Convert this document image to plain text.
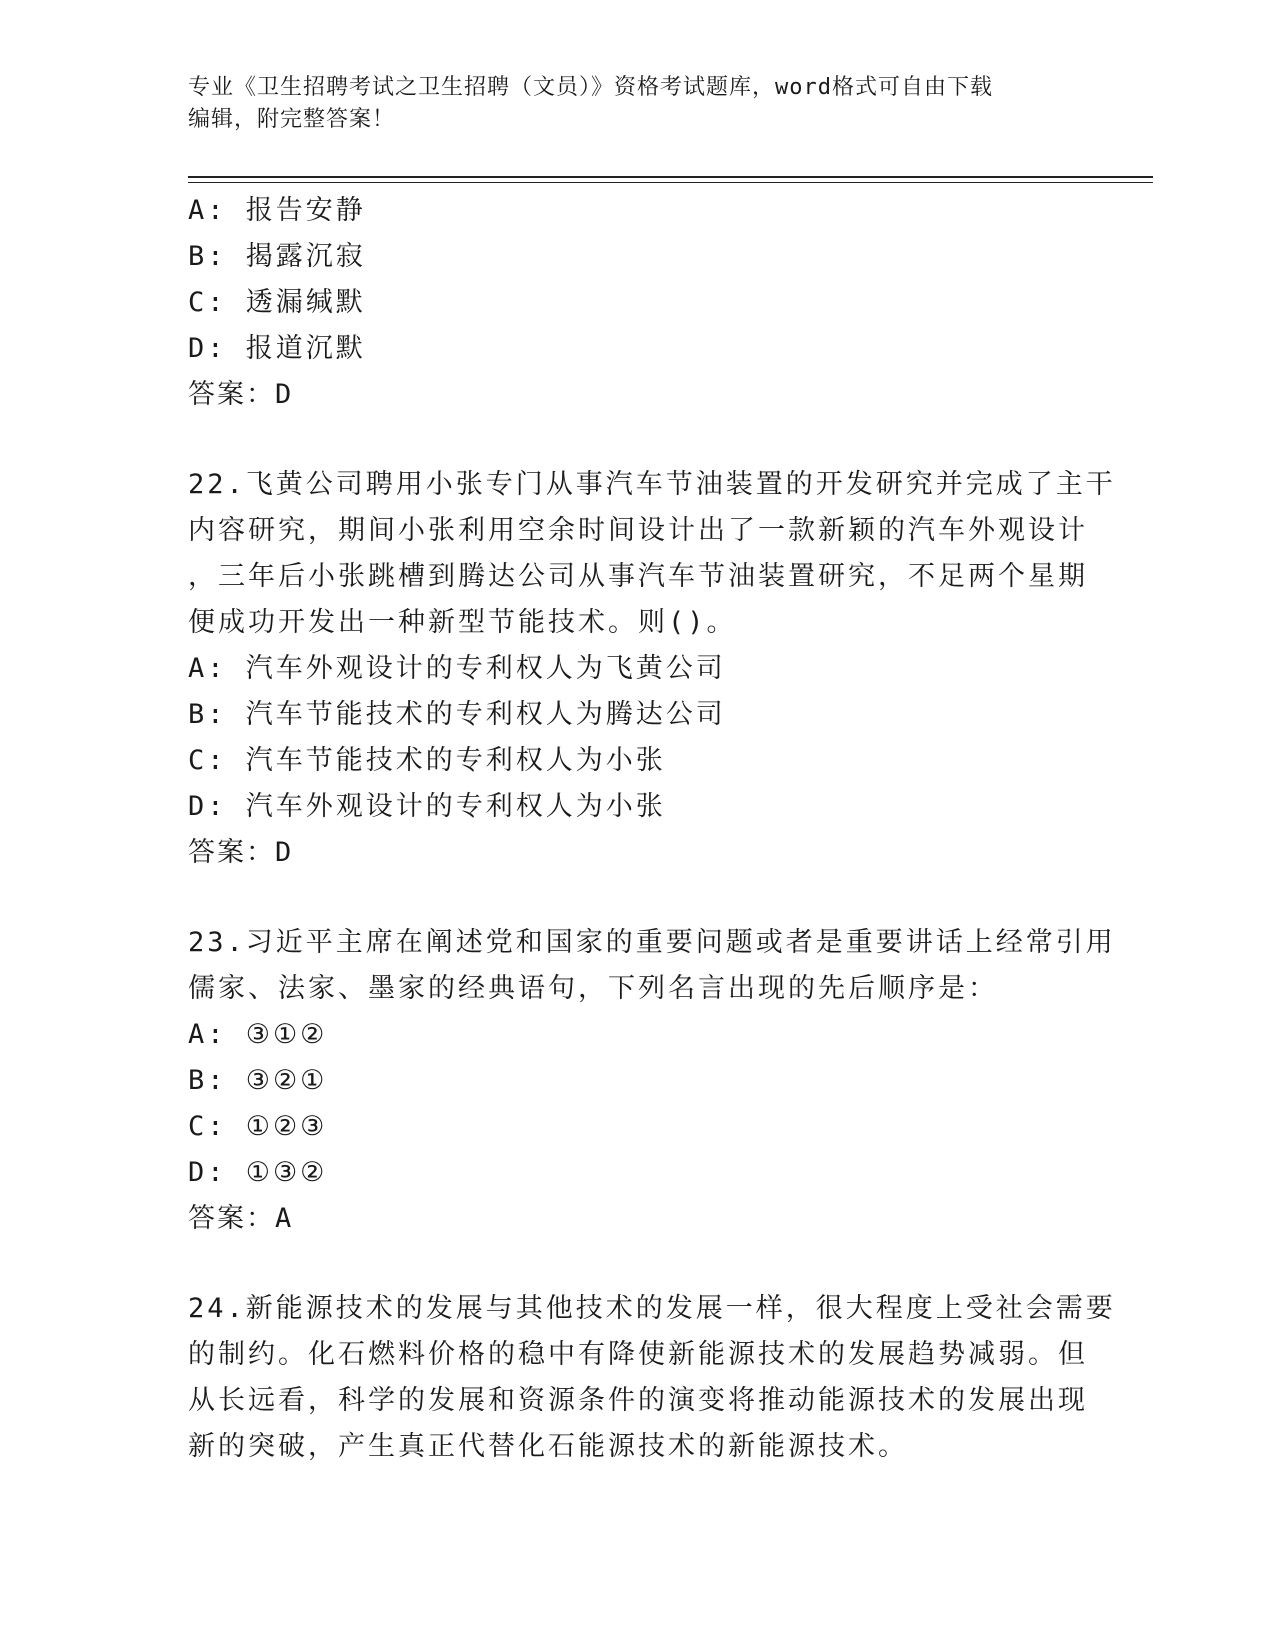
专业《卫生招聘考试之卫生招聘（文员）》资格考试题库，word格式可自由下载
编辑，附完整答案！
A: 报告安静
B: 揭露沉寂
C: 透漏缄默
D: 报道沉默
答案：D
22.飞黄公司聘用小张专门从事汽车节油装置的开发研究并完成了主干
内容研究，期间小张利用空余时间设计出了一款新颖的汽车外观设计
，三年后小张跳槽到腾达公司从事汽车节油装置研究，不足两个星期
便成功开发出一种新型节能技术。则()。
A: 汽车外观设计的专利权人为飞黄公司
B: 汽车节能技术的专利权人为腾达公司
C: 汽车节能技术的专利权人为小张
D: 汽车外观设计的专利权人为小张
答案：D
23.习近平主席在阐述党和国家的重要问题或者是重要讲话上经常引用
儒家、法家、墨家的经典语句，下列名言出现的先后顺序是：
A: ③①②
B: ③②①
C: ①②③
D: ①③②
答案：A
24.新能源技术的发展与其他技术的发展一样，很大程度上受社会需要
的制约。化石燃料价格的稳中有降使新能源技术的发展趋势减弱。但
从长远看，科学的发展和资源条件的演变将推动能源技术的发展出现
新的突破，产生真正代替化石能源技术的新能源技术。
